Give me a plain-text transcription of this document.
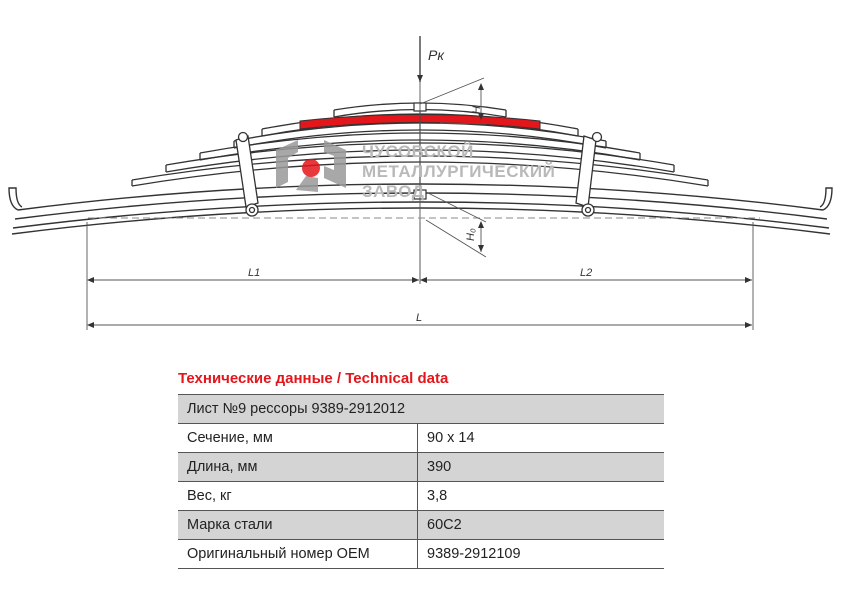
Pк
H
H₀
L1	L2
L
ЧУСОВСКОЙ
МЕТАЛЛУРГИЧЕСКИЙ
ЗАВОД
Технические данные / Technical data
Лист №9 рессоры 9389-2912012	
Сечение, мм	90 x 14
Длина, мм	390
Вес, кг	3,8
Марка стали	60С2
Оригинальный номер OEM	9389-2912109
